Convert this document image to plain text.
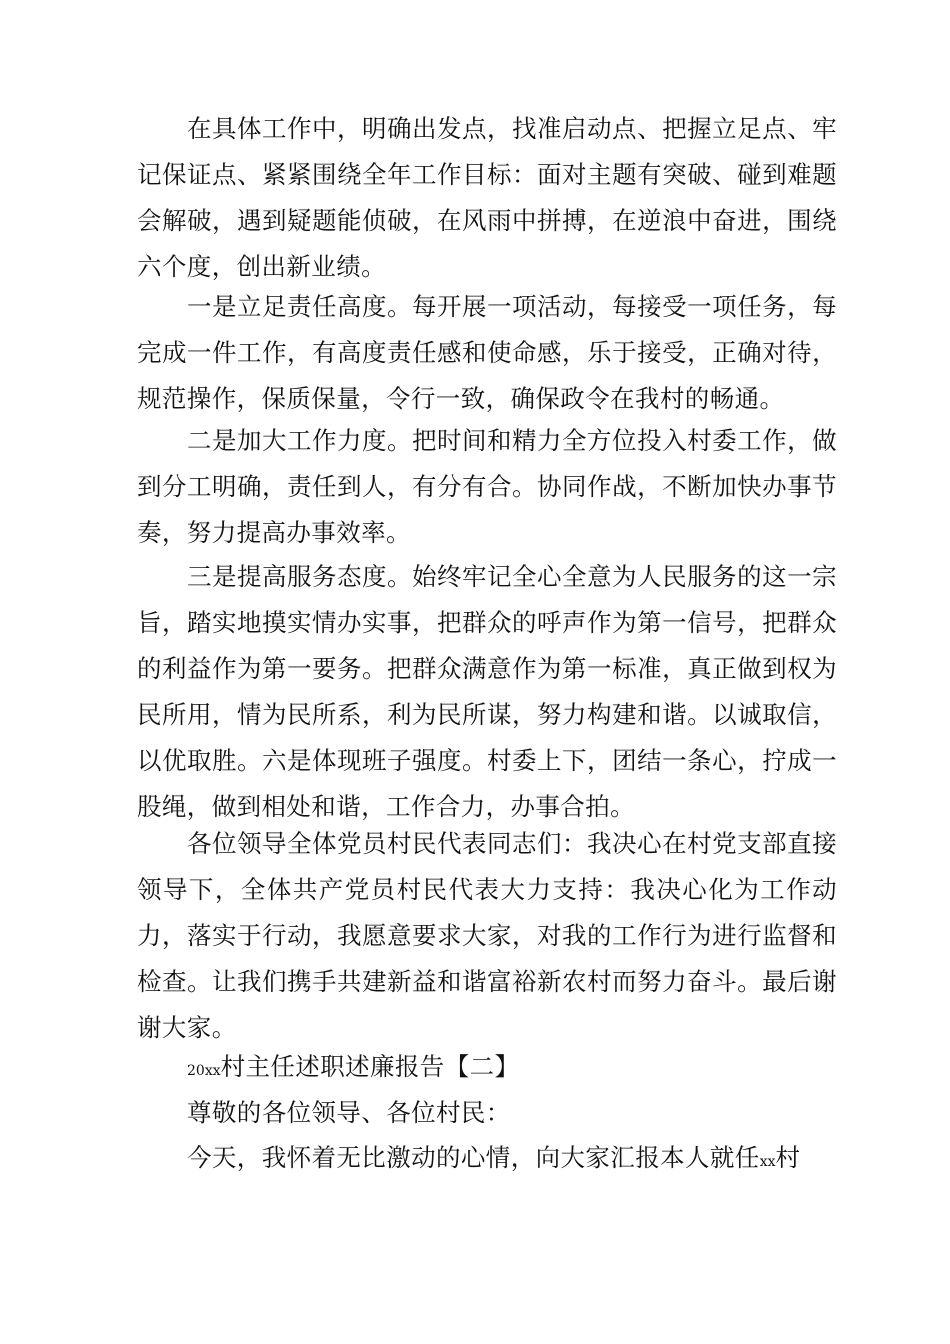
在具体工作中，明确出发点，找准启动点、把握立足点、牢记保证点、紧紧围绕全年工作目标：面对主题有突破、碰到难题会解破，遇到疑题能侦破，在风雨中拼搏，在逆浪中奋进，围绕六个度，创出新业绩。

一是立足责任高度。每开展一项活动，每接受一项任务，每完成一件工作，有高度责任感和使命感，乐于接受，正确对待，规范操作，保质保量，令行一致，确保政令在我村的畅通。

二是加大工作力度。把时间和精力全方位投入村委工作，做到分工明确，责任到人，有分有合。协同作战，不断加快办事节奏，努力提高办事效率。

三是提高服务态度。始终牢记全心全意为人民服务的这一宗旨，踏实地摸实情办实事，把群众的呼声作为第一信号，把群众的利益作为第一要务。把群众满意作为第一标准，真正做到权为民所用，情为民所系，利为民所谋，努力构建和谐。以诚取信，以优取胜。六是体现班子强度。村委上下，团结一条心，拧成一股绳，做到相处和谐，工作合力，办事合拍。

各位领导全体党员村民代表同志们：我决心在村党支部直接领导下，全体共产党员村民代表大力支持：我决心化为工作动力，落实于行动，我愿意要求大家，对我的工作行为进行监督和检查。让我们携手共建新益和谐富裕新农村而努力奋斗。最后谢谢大家。

20xx村主任述职述廉报告【二】

尊敬的各位领导、各位村民：

今天，我怀着无比激动的心情，向大家汇报本人就任xx村
